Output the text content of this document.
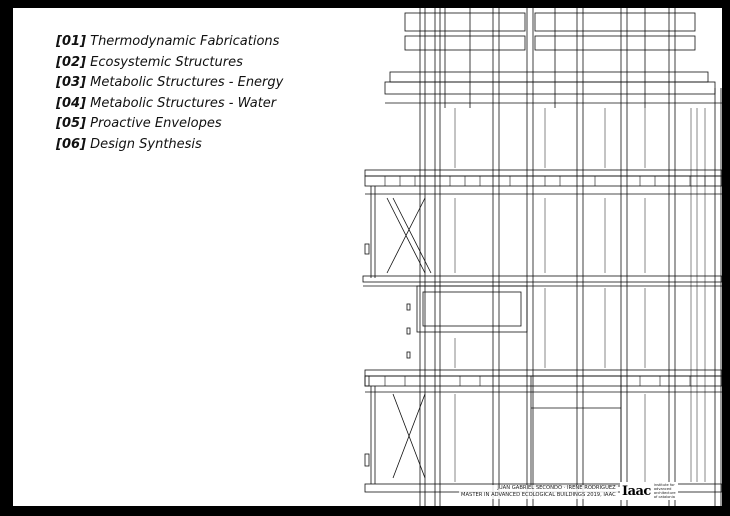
[01] Thermodynamic Fabrications
[02] Ecosystemic Structures
[03] Metabolic Structures - Energy
[04] Metabolic Structures - Water
[05] Proactive Envelopes
[06] Design Synthesis
JUAN GABRIEL SECONDO · IRENE RODRIGUEZ
MASTER IN ADVANCED ECOLOGICAL BUILDINGS 2019, IAAC Iaac institute for advanced architecture of catalonia
